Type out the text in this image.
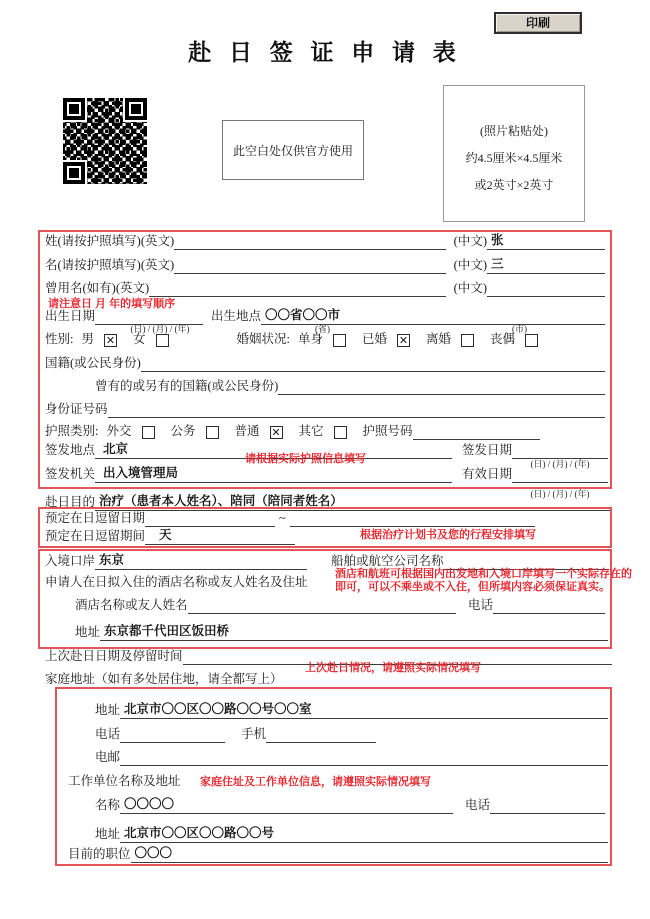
印刷
赴 日 签 证 申 请 表
此空白处仅供官方使用
(照片粘贴处)
约4.5厘米×4.5厘米
或2英寸×2英寸
姓(请按护照填写)(英文)	(中文) 张
名(请按护照填写)(英文)	(中文) 三
曾用名(如有)(英文)	(中文)
请注意日 月 年的填写顺序
出生日期	出生地点 〇〇省〇〇市
(日) / (月) / (年)	(省)	(市)
性别: 男 ✕ 女	婚姻状况: 单身	已婚 ✕ 离婚	丧偶
国籍(或公民身份)
曾有的或另有的国籍(或公民身份)
身份证号码
护照类别: 外交	公务	普通 ✕ 其它	护照号码
签发地点 北京	签发日期
请根据实际护照信息填写	(日) / (月) / (年)
签发机关 出入境管理局	有效日期
(日) / (月) / (年)
赴日目的 治疗（患者本人姓名）、陪同（陪同者姓名）
预定在日逗留日期	~
预定在日逗留期间	天	根据治疗计划书及您的行程安排填写
入境口岸 东京	船舶或航空公司名称
申请人在日拟入住的酒店名称或友人姓名及住址
酒店和航班可根据国内出发地和入境口岸填写一个实际存在的
即可，可以不乘坐或不入住，但所填内容必须保证真实。
酒店名称或友人姓名	电话
地址 东京都千代田区饭田桥
上次赴日日期及停留时间
上次赴日情况，请遵照实际情况填写
家庭地址（如有多处居住地，请全都写上）
地址 北京市〇〇区〇〇路〇〇号〇〇室
电话	手机
电邮
工作单位名称及地址 家庭住址及工作单位信息，请遵照实际情况填写
名称 〇〇〇〇	电话
地址 北京市〇〇区〇〇路〇〇号
目前的职位 〇〇〇
